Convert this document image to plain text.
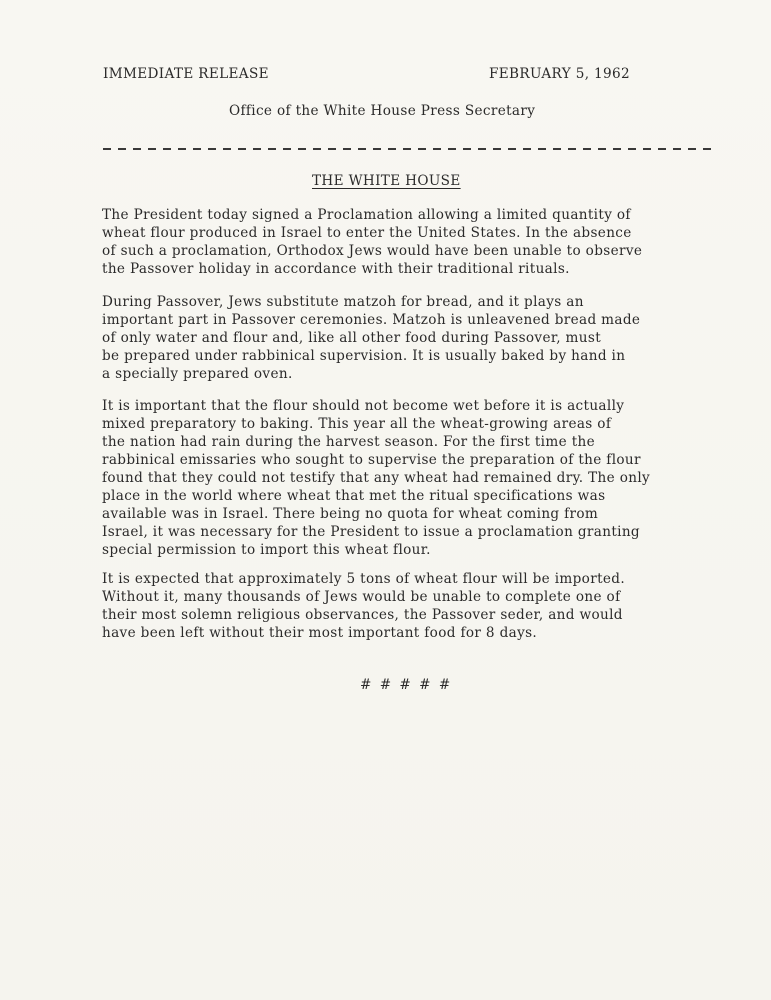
IMMEDIATE RELEASE	FEBRUARY 5, 1962
Office of the White House Press Secretary
THE WHITE HOUSE
The President today signed a Proclamation allowing a limited quantity of
wheat flour produced in Israel to enter the United States. In the absence
of such a proclamation, Orthodox Jews would have been unable to observe
the Passover holiday in accordance with their traditional rituals.
During Passover, Jews substitute matzoh for bread, and it plays an
important part in Passover ceremonies. Matzoh is unleavened bread made
of only water and flour and, like all other food during Passover, must
be prepared under rabbinical supervision. It is usually baked by hand in
a specially prepared oven.
It is important that the flour should not become wet before it is actually
mixed preparatory to baking. This year all the wheat-growing areas of
the nation had rain during the harvest season. For the first time the
rabbinical emissaries who sought to supervise the preparation of the flour
found that they could not testify that any wheat had remained dry. The only
place in the world where wheat that met the ritual specifications was
available was in Israel. There being no quota for wheat coming from
Israel, it was necessary for the President to issue a proclamation granting
special permission to import this wheat flour.
It is expected that approximately 5 tons of wheat flour will be imported.
Without it, many thousands of Jews would be unable to complete one of
their most solemn religious observances, the Passover seder, and would
have been left without their most important food for 8 days.
# # # # #
